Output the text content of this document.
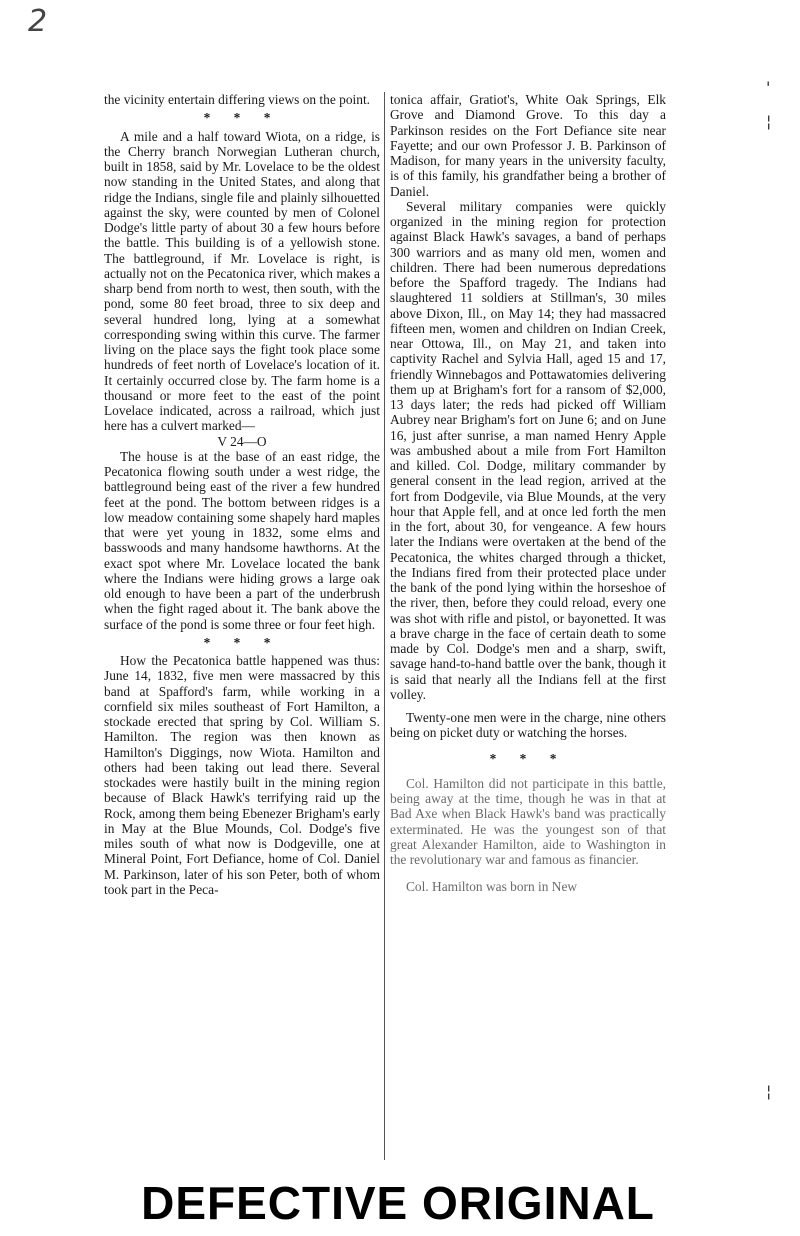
2
'
¦
¦

the vicinity entertain differing views on the point.

* * *

A mile and a half toward Wiota, on a ridge, is the Cherry branch Norwegian Lutheran church, built in 1858, said by Mr. Lovelace to be the oldest now standing in the United States, and along that ridge the Indians, single file and plainly silhouetted against the sky, were counted by men of Colonel Dodge's little party of about 30 a few hours before the battle. This building is of a yellowish stone. The battleground, if Mr. Lovelace is right, is actually not on the Pecatonica river, which makes a sharp bend from north to west, then south, with the pond, some 80 feet broad, three to six deep and several hundred long, lying at a somewhat corresponding swing within this curve. The farmer living on the place says the fight took place some hundreds of feet north of Lovelace's location of it. It certainly occurred close by. The farm home is a thousand or more feet to the east of the point Lovelace indicated, across a railroad, which just here has a culvert marked—

V 24—O

The house is at the base of an east ridge, the Pecatonica flowing south under a west ridge, the battleground being east of the river a few hundred feet at the pond. The bottom between ridges is a low meadow containing some shapely hard maples that were yet young in 1832, some elms and basswoods and many handsome hawthorns. At the exact spot where Mr. Lovelace located the bank where the Indians were hiding grows a large oak old enough to have been a part of the underbrush when the fight raged about it. The bank above the surface of the pond is some three or four feet high.

* * *

How the Pecatonica battle happened was thus: June 14, 1832, five men were massacred by this band at Spafford's farm, while working in a cornfield six miles southeast of Fort Hamilton, a stockade erected that spring by Col. William S. Hamilton. The region was then known as Hamilton's Diggings, now Wiota. Hamilton and others had been taking out lead there. Several stockades were hastily built in the mining region because of Black Hawk's terrifying raid up the Rock, among them being Ebenezer Brigham's early in May at the Blue Mounds, Col. Dodge's five miles south of what now is Dodgeville, one at Mineral Point, Fort Defiance, home of Col. Daniel M. Parkinson, later of his son Peter, both of whom took part in the Peca-

tonica affair, Gratiot's, White Oak Springs, Elk Grove and Diamond Grove. To this day a Parkinson resides on the Fort Defiance site near Fayette; and our own Professor J. B. Parkinson of Madison, for many years in the university faculty, is of this family, his grandfather being a brother of Daniel.

Several military companies were quickly organized in the mining region for protection against Black Hawk's savages, a band of perhaps 300 warriors and as many old men, women and children. There had been numerous depredations before the Spafford tragedy. The Indians had slaughtered 11 soldiers at Stillman's, 30 miles above Dixon, Ill., on May 14; they had massacred fifteen men, women and children on Indian Creek, near Ottowa, Ill., on May 21, and taken into captivity Rachel and Sylvia Hall, aged 15 and 17, friendly Winnebagos and Pottawatomies delivering them up at Brigham's fort for a ransom of $2,000, 13 days later; the reds had picked off William Aubrey near Brigham's fort on June 6; and on June 16, just after sunrise, a man named Henry Apple was ambushed about a mile from Fort Hamilton and killed. Col. Dodge, military commander by general consent in the lead region, arrived at the fort from Dodgevile, via Blue Mounds, at the very hour that Apple fell, and at once led forth the men in the fort, about 30, for vengeance. A few hours later the Indians were overtaken at the bend of the Pecatonica, the whites charged through a thicket, the Indians fired from their protected place under the bank of the pond lying within the horseshoe of the river, then, before they could reload, every one was shot with rifle and pistol, or bayonetted. It was a brave charge in the face of certain death to some made by Col. Dodge's men and a sharp, swift, savage hand-to-hand battle over the bank, though it is said that nearly all the Indians fell at the first volley.

Twenty-one men were in the charge, nine others being on picket duty or watching the horses.

* * *

Col. Hamilton did not participate in this battle, being away at the time, though he was in that at Bad Axe when Black Hawk's band was practically exterminated. He was the youngest son of that great Alexander Hamilton, aide to Washington in the revolutionary war and famous as financier.

Col. Hamilton was born in New

DEFECTIVE ORIGINAL
